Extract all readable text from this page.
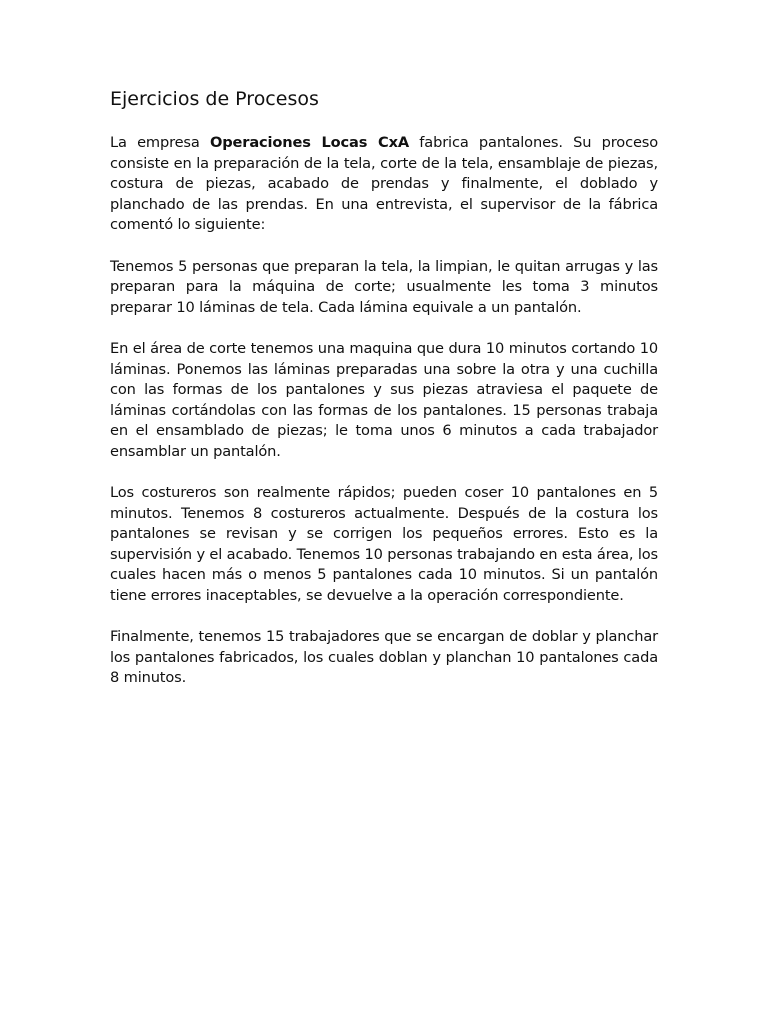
Ejercicios de Procesos

La empresa Operaciones Locas CxA fabrica pantalones. Su proceso consiste en la preparación de la tela, corte de la tela, ensamblaje de piezas, costura de piezas, acabado de prendas y finalmente, el doblado y planchado de las prendas. En una entrevista, el supervisor de la fábrica comentó lo siguiente:

Tenemos 5 personas que preparan la tela, la limpian, le quitan arrugas y las preparan para la máquina de corte; usualmente les toma 3 minutos preparar 10 láminas de tela. Cada lámina equivale a un pantalón.

En el área de corte tenemos una maquina que dura 10 minutos cortando 10 láminas. Ponemos las láminas preparadas una sobre la otra y una cuchilla con las formas de los pantalones y sus piezas atraviesa el paquete de láminas cortándolas con las formas de los pantalones. 15 personas trabaja en el ensamblado de piezas; le toma unos 6 minutos a cada trabajador ensamblar un pantalón.

Los costureros son realmente rápidos; pueden coser 10 pantalones en 5 minutos. Tenemos 8 costureros actualmente. Después de la costura los pantalones se revisan y se corrigen los pequeños errores. Esto es la supervisión y el acabado. Tenemos 10 personas trabajando en esta área, los cuales hacen más o menos 5 pantalones cada 10 minutos. Si un pantalón tiene errores inaceptables, se devuelve a la operación correspondiente.

Finalmente, tenemos 15 trabajadores que se encargan de doblar y planchar los pantalones fabricados, los cuales doblan y planchan 10 pantalones cada 8 minutos.
